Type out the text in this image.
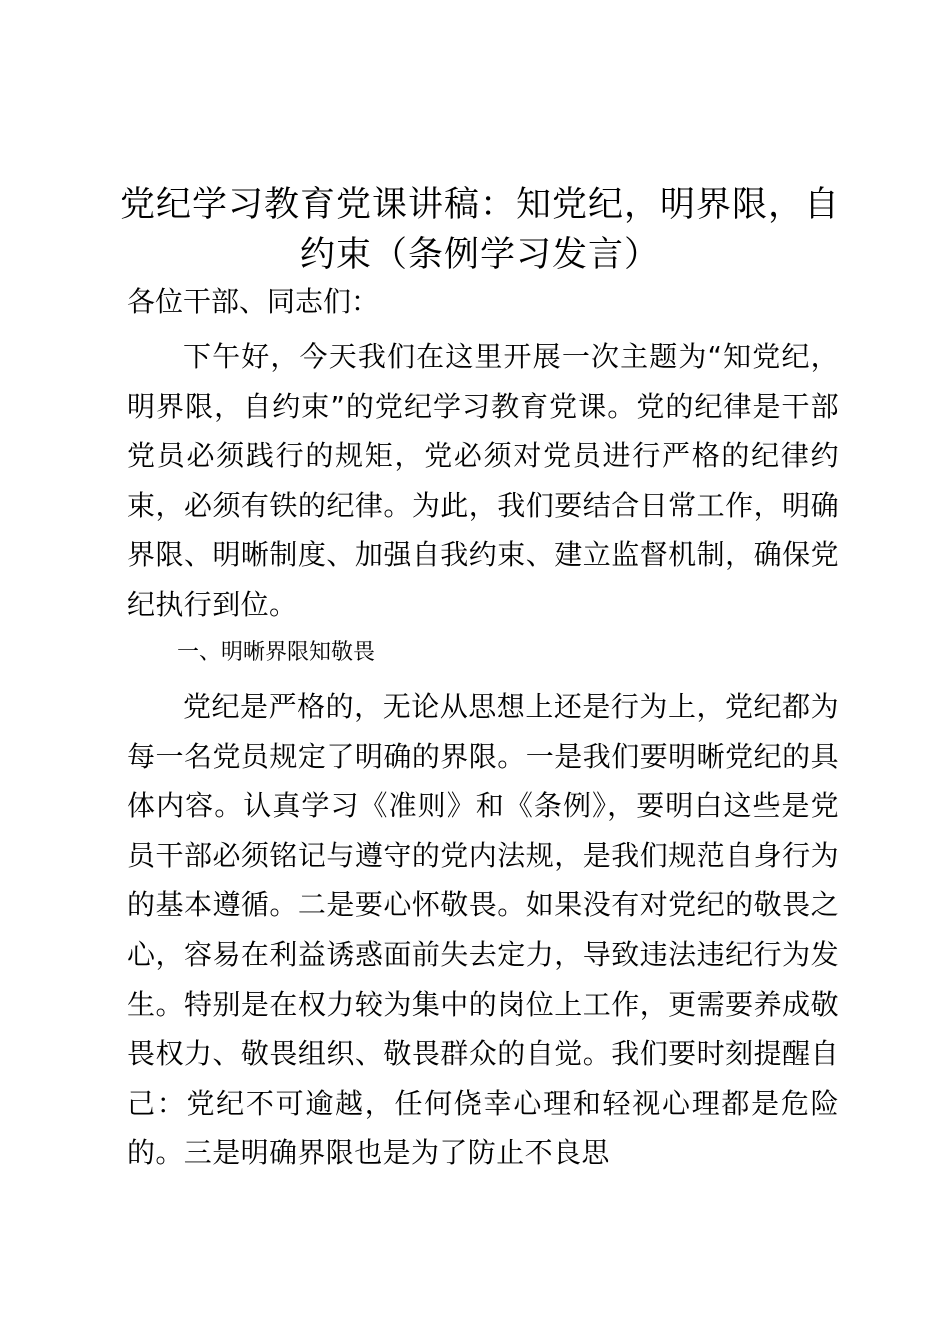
党纪学习教育党课讲稿：知党纪，明界限，自约束（条例学习发言）

各位干部、同志们：

下午好，今天我们在这里开展一次主题为“知党纪，明界限，自约束”的党纪学习教育党课。党的纪律是干部党员必须践行的规矩，党必须对党员进行严格的纪律约束，必须有铁的纪律。为此，我们要结合日常工作，明确界限、明晰制度、加强自我约束、建立监督机制，确保党纪执行到位。

一、明晰界限知敬畏

党纪是严格的，无论从思想上还是行为上，党纪都为每一名党员规定了明确的界限。一是我们要明晰党纪的具体内容。认真学习《准则》和《条例》，要明白这些是党员干部必须铭记与遵守的党内法规，是我们规范自身行为的基本遵循。二是要心怀敬畏。如果没有对党纪的敬畏之心，容易在利益诱惑面前失去定力，导致违法违纪行为发生。特别是在权力较为集中的岗位上工作，更需要养成敬畏权力、敬畏组织、敬畏群众的自觉。我们要时刻提醒自己：党纪不可逾越，任何侥幸心理和轻视心理都是危险的。三是明确界限也是为了防止不良思
